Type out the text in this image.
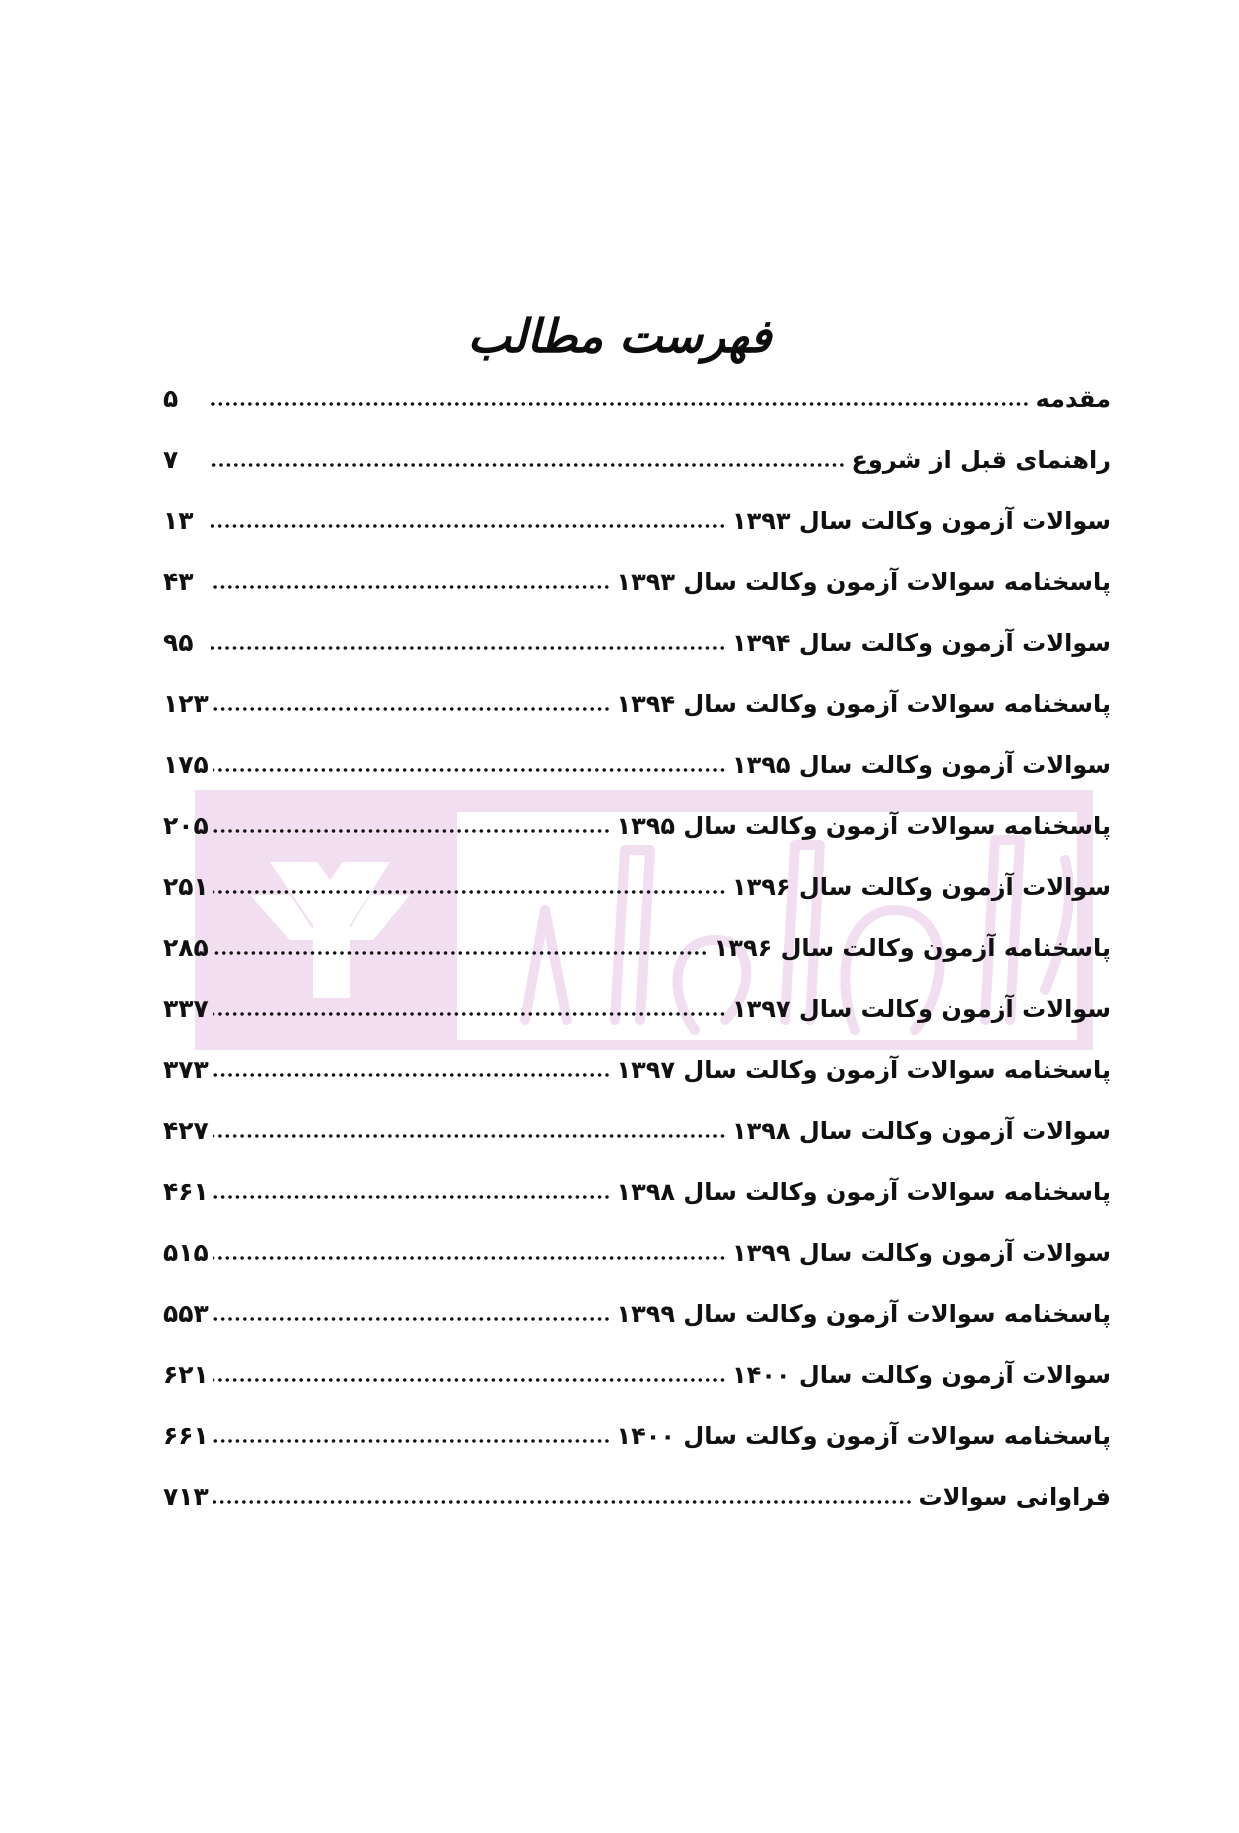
فهرست مطالب
مقدمه
۵
راهنمای قبل از شروع
۷
سوالات آزمون وکالت سال ۱۳۹۳
۱۳
پاسخنامه سوالات آزمون وکالت سال ۱۳۹۳
۴۳
سوالات آزمون وکالت سال ۱۳۹۴
۹۵
پاسخنامه سوالات آزمون وکالت سال ۱۳۹۴
۱۲۳
سوالات آزمون وکالت سال ۱۳۹۵
۱۷۵
پاسخنامه سوالات آزمون وکالت سال ۱۳۹۵
۲۰۵
سوالات آزمون وکالت سال ۱۳۹۶
۲۵۱
پاسخنامه آزمون وکالت سال ۱۳۹۶
۲۸۵
سوالات آزمون وکالت سال ۱۳۹۷
۳۳۷
پاسخنامه سوالات آزمون وکالت سال ۱۳۹۷
۳۷۳
سوالات آزمون وکالت سال ۱۳۹۸
۴۲۷
پاسخنامه سوالات آزمون وکالت سال ۱۳۹۸
۴۶۱
سوالات آزمون وکالت سال ۱۳۹۹
۵۱۵
پاسخنامه سوالات آزمون وکالت سال ۱۳۹۹
۵۵۳
سوالات آزمون وکالت سال ۱۴۰۰
۶۲۱
پاسخنامه سوالات آزمون وکالت سال ۱۴۰۰
۶۶۱
فراوانی سوالات
۷۱۳
